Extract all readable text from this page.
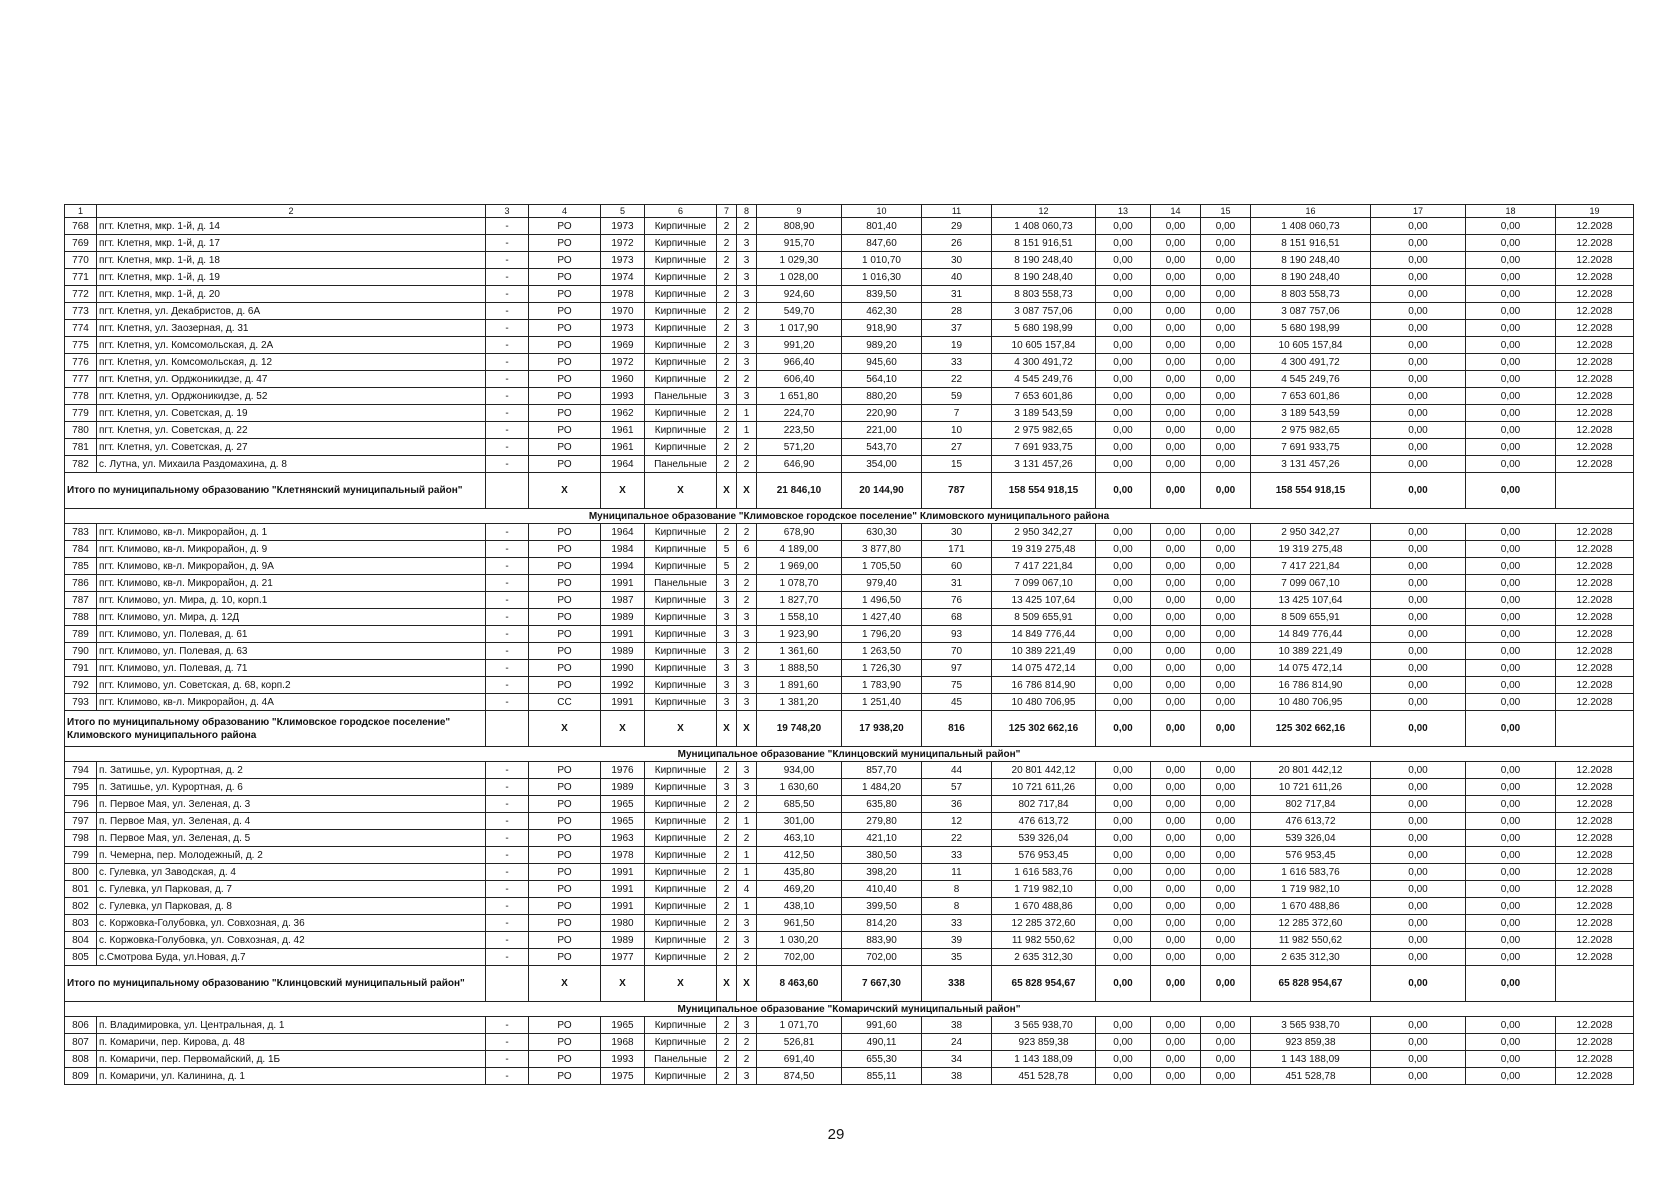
1	2	3	4	5	6	7	8	9	10	11	12	13	14	15	16	17	18	19
768	пгт. Клетня, мкр. 1-й, д. 14	-	РО	1973	Кирпичные	2	2	808,90	801,40	29	1 408 060,73	0,00	0,00	0,00	1 408 060,73	0,00	0,00	12.2028
769	пгт. Клетня, мкр. 1-й, д. 17	-	РО	1972	Кирпичные	2	3	915,70	847,60	26	8 151 916,51	0,00	0,00	0,00	8 151 916,51	0,00	0,00	12.2028
770	пгт. Клетня, мкр. 1-й, д. 18	-	РО	1973	Кирпичные	2	3	1 029,30	1 010,70	30	8 190 248,40	0,00	0,00	0,00	8 190 248,40	0,00	0,00	12.2028
771	пгт. Клетня, мкр. 1-й, д. 19	-	РО	1974	Кирпичные	2	3	1 028,00	1 016,30	40	8 190 248,40	0,00	0,00	0,00	8 190 248,40	0,00	0,00	12.2028
772	пгт. Клетня, мкр. 1-й, д. 20	-	РО	1978	Кирпичные	2	3	924,60	839,50	31	8 803 558,73	0,00	0,00	0,00	8 803 558,73	0,00	0,00	12.2028
773	пгт. Клетня, ул. Декабристов, д. 6А	-	РО	1970	Кирпичные	2	2	549,70	462,30	28	3 087 757,06	0,00	0,00	0,00	3 087 757,06	0,00	0,00	12.2028
774	пгт. Клетня, ул. Заозерная, д. 31	-	РО	1973	Кирпичные	2	3	1 017,90	918,90	37	5 680 198,99	0,00	0,00	0,00	5 680 198,99	0,00	0,00	12.2028
775	пгт. Клетня, ул. Комсомольская, д. 2А	-	РО	1969	Кирпичные	2	3	991,20	989,20	19	10 605 157,84	0,00	0,00	0,00	10 605 157,84	0,00	0,00	12.2028
776	пгт. Клетня, ул. Комсомольская, д. 12	-	РО	1972	Кирпичные	2	3	966,40	945,60	33	4 300 491,72	0,00	0,00	0,00	4 300 491,72	0,00	0,00	12.2028
777	пгт. Клетня, ул. Орджоникидзе, д. 47	-	РО	1960	Кирпичные	2	2	606,40	564,10	22	4 545 249,76	0,00	0,00	0,00	4 545 249,76	0,00	0,00	12.2028
778	пгт. Клетня, ул. Орджоникидзе, д. 52	-	РО	1993	Панельные	3	3	1 651,80	880,20	59	7 653 601,86	0,00	0,00	0,00	7 653 601,86	0,00	0,00	12.2028
779	пгт. Клетня, ул. Советская, д. 19	-	РО	1962	Кирпичные	2	1	224,70	220,90	7	3 189 543,59	0,00	0,00	0,00	3 189 543,59	0,00	0,00	12.2028
780	пгт. Клетня, ул. Советская, д. 22	-	РО	1961	Кирпичные	2	1	223,50	221,00	10	2 975 982,65	0,00	0,00	0,00	2 975 982,65	0,00	0,00	12.2028
781	пгт. Клетня, ул. Советская, д. 27	-	РО	1961	Кирпичные	2	2	571,20	543,70	27	7 691 933,75	0,00	0,00	0,00	7 691 933,75	0,00	0,00	12.2028
782	с. Лутна, ул. Михаила Раздомахина, д. 8	-	РО	1964	Панельные	2	2	646,90	354,00	15	3 131 457,26	0,00	0,00	0,00	3 131 457,26	0,00	0,00	12.2028
Итого по муниципальному образованию "Клетнянский муниципальный район"			X	X	X	X	X	21 846,10	20 144,90	787	158 554 918,15	0,00	0,00	0,00	158 554 918,15	0,00	0,00	
Муниципальное образование "Климовское городское поселение" Климовского муниципального района																		
783	пгт. Климово, кв-л. Микрорайон, д. 1	-	РО	1964	Кирпичные	2	2	678,90	630,30	30	2 950 342,27	0,00	0,00	0,00	2 950 342,27	0,00	0,00	12.2028
784	пгт. Климово, кв-л. Микрорайон, д. 9	-	РО	1984	Кирпичные	5	6	4 189,00	3 877,80	171	19 319 275,48	0,00	0,00	0,00	19 319 275,48	0,00	0,00	12.2028
785	пгт. Климово, кв-л. Микрорайон, д. 9А	-	РО	1994	Кирпичные	5	2	1 969,00	1 705,50	60	7 417 221,84	0,00	0,00	0,00	7 417 221,84	0,00	0,00	12.2028
786	пгт. Климово, кв-л. Микрорайон, д. 21	-	РО	1991	Панельные	3	2	1 078,70	979,40	31	7 099 067,10	0,00	0,00	0,00	7 099 067,10	0,00	0,00	12.2028
787	пгт. Климово, ул. Мира, д. 10, корп.1	-	РО	1987	Кирпичные	3	2	1 827,70	1 496,50	76	13 425 107,64	0,00	0,00	0,00	13 425 107,64	0,00	0,00	12.2028
788	пгт. Климово, ул. Мира, д. 12Д	-	РО	1989	Кирпичные	3	3	1 558,10	1 427,40	68	8 509 655,91	0,00	0,00	0,00	8 509 655,91	0,00	0,00	12.2028
789	пгт. Климово, ул. Полевая, д. 61	-	РО	1991	Кирпичные	3	3	1 923,90	1 796,20	93	14 849 776,44	0,00	0,00	0,00	14 849 776,44	0,00	0,00	12.2028
790	пгт. Климово, ул. Полевая, д. 63	-	РО	1989	Кирпичные	3	2	1 361,60	1 263,50	70	10 389 221,49	0,00	0,00	0,00	10 389 221,49	0,00	0,00	12.2028
791	пгт. Климово, ул. Полевая, д. 71	-	РО	1990	Кирпичные	3	3	1 888,50	1 726,30	97	14 075 472,14	0,00	0,00	0,00	14 075 472,14	0,00	0,00	12.2028
792	пгт. Климово, ул. Советская, д. 68, корп.2	-	РО	1992	Кирпичные	3	3	1 891,60	1 783,90	75	16 786 814,90	0,00	0,00	0,00	16 786 814,90	0,00	0,00	12.2028
793	пгт. Климово, кв-л. Микрорайон, д. 4А	-	СС	1991	Кирпичные	3	3	1 381,20	1 251,40	45	10 480 706,95	0,00	0,00	0,00	10 480 706,95	0,00	0,00	12.2028
Итого по муниципальному образованию "Климовское городское поселение" Климовского муниципального района			X	X	X	X	X	19 748,20	17 938,20	816	125 302 662,16	0,00	0,00	0,00	125 302 662,16	0,00	0,00	
Муниципальное образование "Клинцовский муниципальный район"																		
794	п. Затишье, ул. Курортная, д. 2	-	РО	1976	Кирпичные	2	3	934,00	857,70	44	20 801 442,12	0,00	0,00	0,00	20 801 442,12	0,00	0,00	12.2028
795	п. Затишье, ул. Курортная, д. 6	-	РО	1989	Кирпичные	3	3	1 630,60	1 484,20	57	10 721 611,26	0,00	0,00	0,00	10 721 611,26	0,00	0,00	12.2028
796	п. Первое Мая, ул. Зеленая, д. 3	-	РО	1965	Кирпичные	2	2	685,50	635,80	36	802 717,84	0,00	0,00	0,00	802 717,84	0,00	0,00	12.2028
797	п. Первое Мая, ул. Зеленая, д. 4	-	РО	1965	Кирпичные	2	1	301,00	279,80	12	476 613,72	0,00	0,00	0,00	476 613,72	0,00	0,00	12.2028
798	п. Первое Мая, ул. Зеленая, д. 5	-	РО	1963	Кирпичные	2	2	463,10	421,10	22	539 326,04	0,00	0,00	0,00	539 326,04	0,00	0,00	12.2028
799	п. Чемерна, пер. Молодежный, д. 2	-	РО	1978	Кирпичные	2	1	412,50	380,50	33	576 953,45	0,00	0,00	0,00	576 953,45	0,00	0,00	12.2028
800	с. Гулевка, ул Заводская, д. 4	-	РО	1991	Кирпичные	2	1	435,80	398,20	11	1 616 583,76	0,00	0,00	0,00	1 616 583,76	0,00	0,00	12.2028
801	с. Гулевка, ул Парковая, д. 7	-	РО	1991	Кирпичные	2	4	469,20	410,40	8	1 719 982,10	0,00	0,00	0,00	1 719 982,10	0,00	0,00	12.2028
802	с. Гулевка, ул Парковая, д. 8	-	РО	1991	Кирпичные	2	1	438,10	399,50	8	1 670 488,86	0,00	0,00	0,00	1 670 488,86	0,00	0,00	12.2028
803	с. Коржовка-Голубовка, ул. Совхозная, д. 36	-	РО	1980	Кирпичные	2	3	961,50	814,20	33	12 285 372,60	0,00	0,00	0,00	12 285 372,60	0,00	0,00	12.2028
804	с. Коржовка-Голубовка, ул. Совхозная, д. 42	-	РО	1989	Кирпичные	2	3	1 030,20	883,90	39	11 982 550,62	0,00	0,00	0,00	11 982 550,62	0,00	0,00	12.2028
805	с.Смотрова Буда, ул.Новая, д.7	-	РО	1977	Кирпичные	2	2	702,00	702,00	35	2 635 312,30	0,00	0,00	0,00	2 635 312,30	0,00	0,00	12.2028
Итого по муниципальному образованию "Клинцовский муниципальный район"			X	X	X	X	X	8 463,60	7 667,30	338	65 828 954,67	0,00	0,00	0,00	65 828 954,67	0,00	0,00	
Муниципальное образование "Комаричский муниципальный район"																		
806	п. Владимировка, ул. Центральная, д. 1	-	РО	1965	Кирпичные	2	3	1 071,70	991,60	38	3 565 938,70	0,00	0,00	0,00	3 565 938,70	0,00	0,00	12.2028
807	п. Комаричи, пер. Кирова, д. 48	-	РО	1968	Кирпичные	2	2	526,81	490,11	24	923 859,38	0,00	0,00	0,00	923 859,38	0,00	0,00	12.2028
808	п. Комаричи, пер. Первомайский, д. 1Б	-	РО	1993	Панельные	2	2	691,40	655,30	34	1 143 188,09	0,00	0,00	0,00	1 143 188,09	0,00	0,00	12.2028
809	п. Комаричи, ул. Калинина, д. 1	-	РО	1975	Кирпичные	2	3	874,50	855,11	38	451 528,78	0,00	0,00	0,00	451 528,78	0,00	0,00	12.2028
29
